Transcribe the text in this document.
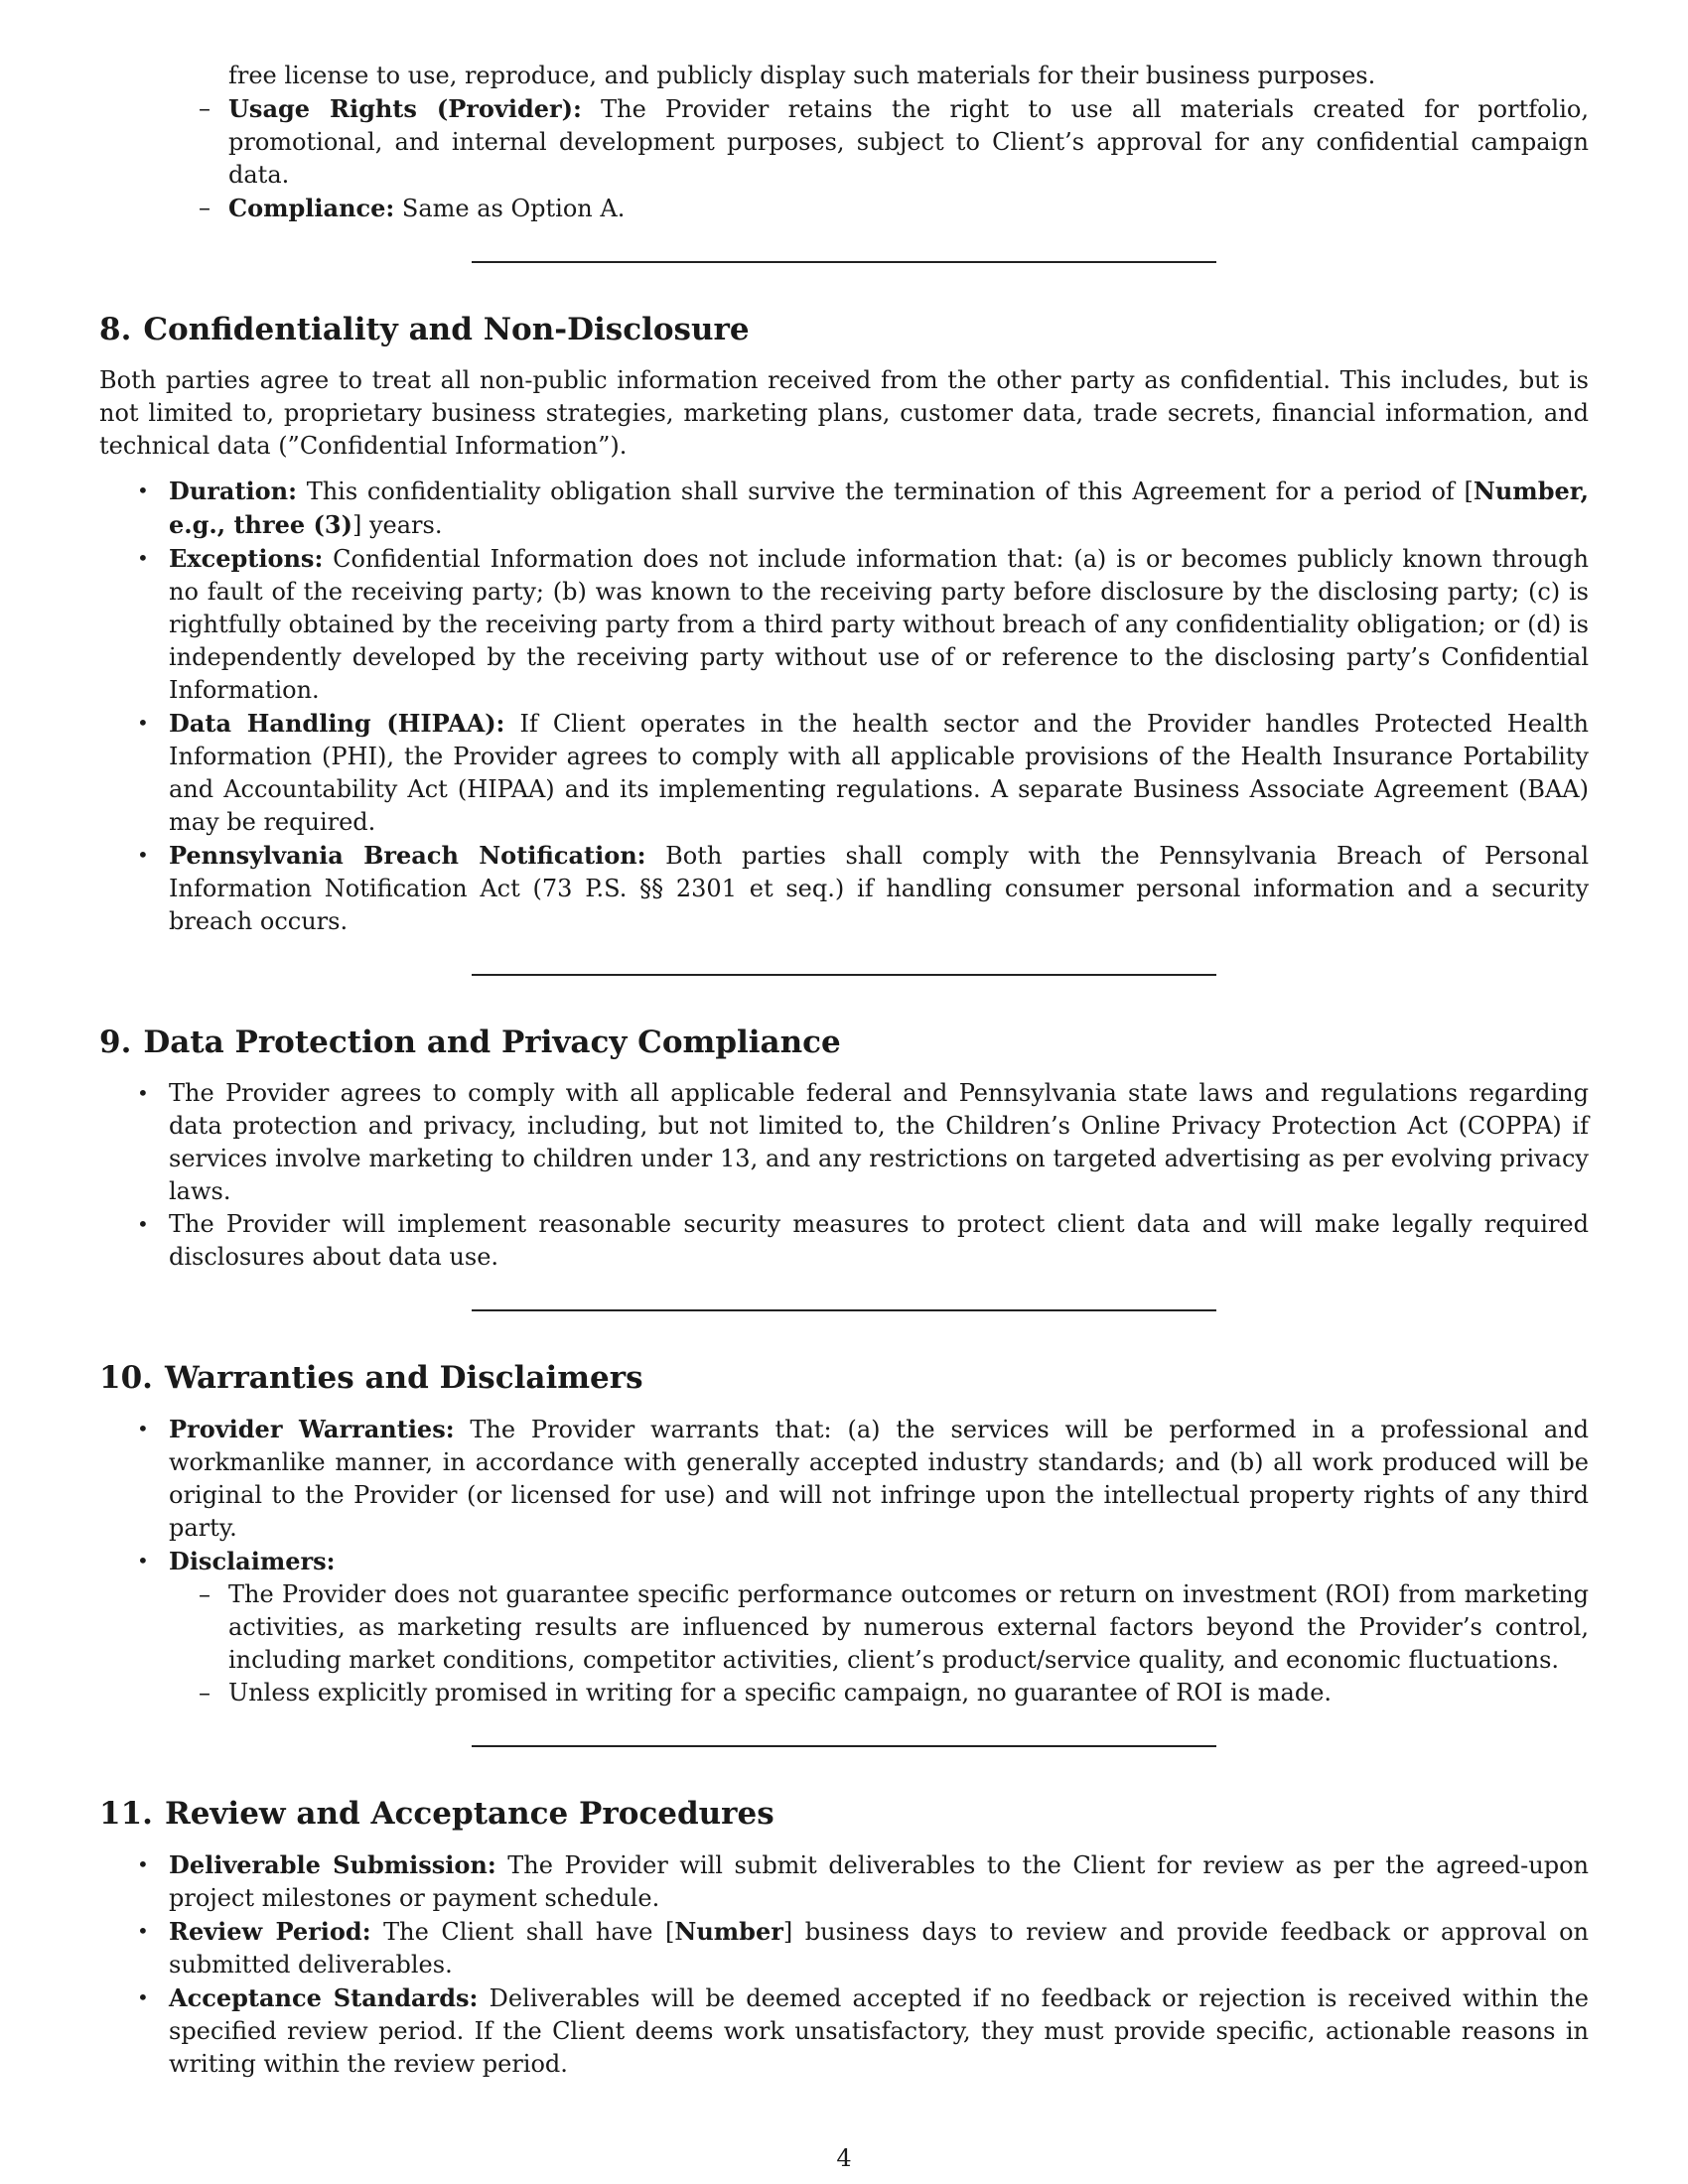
free license to use, reproduce, and publicly display such materials for their business purposes.
– Usage Rights (Provider): The Provider retains the right to use all materials created for portfolio, promotional, and internal development purposes, subject to Client’s approval for any confidential campaign data.
– Compliance: Same as Option A.
8. Confidentiality and Non-Disclosure
Both parties agree to treat all non-public information received from the other party as confidential. This includes, but is not limited to, proprietary business strategies, marketing plans, customer data, trade secrets, financial information, and technical data (”Confidential Information”).
• Duration: This confidentiality obligation shall survive the termination of this Agreement for a period of [Number, e.g., three (3)] years.
• Exceptions: Confidential Information does not include information that: (a) is or becomes publicly known through no fault of the receiving party; (b) was known to the receiving party before disclosure by the disclosing party; (c) is rightfully obtained by the receiving party from a third party without breach of any confidentiality obligation; or (d) is independently developed by the receiving party without use of or reference to the disclosing party’s Confidential Information.
• Data Handling (HIPAA): If Client operates in the health sector and the Provider handles Protected Health Information (PHI), the Provider agrees to comply with all applicable provisions of the Health Insurance Portability and Accountability Act (HIPAA) and its implementing regulations. A separate Business Associate Agreement (BAA) may be required.
• Pennsylvania Breach Notification: Both parties shall comply with the Pennsylvania Breach of Personal Information Notification Act (73 P.S. §§ 2301 et seq.) if handling consumer personal information and a security breach occurs.
9. Data Protection and Privacy Compliance
• The Provider agrees to comply with all applicable federal and Pennsylvania state laws and regulations regarding data protection and privacy, including, but not limited to, the Children’s Online Privacy Protection Act (COPPA) if services involve marketing to children under 13, and any restrictions on targeted advertising as per evolving privacy laws.
• The Provider will implement reasonable security measures to protect client data and will make legally required disclosures about data use.
10. Warranties and Disclaimers
• Provider Warranties: The Provider warrants that: (a) the services will be performed in a professional and workmanlike manner, in accordance with generally accepted industry standards; and (b) all work produced will be original to the Provider (or licensed for use) and will not infringe upon the intellectual property rights of any third party.
• Disclaimers:
– The Provider does not guarantee specific performance outcomes or return on investment (ROI) from marketing activities, as marketing results are influenced by numerous external factors beyond the Provider’s control, including market conditions, competitor activities, client’s product/service quality, and economic fluctuations.
– Unless explicitly promised in writing for a specific campaign, no guarantee of ROI is made.
11. Review and Acceptance Procedures
• Deliverable Submission: The Provider will submit deliverables to the Client for review as per the agreed-upon project milestones or payment schedule.
• Review Period: The Client shall have [Number] business days to review and provide feedback or approval on submitted deliverables.
• Acceptance Standards: Deliverables will be deemed accepted if no feedback or rejection is received within the specified review period. If the Client deems work unsatisfactory, they must provide specific, actionable reasons in writing within the review period.
4
